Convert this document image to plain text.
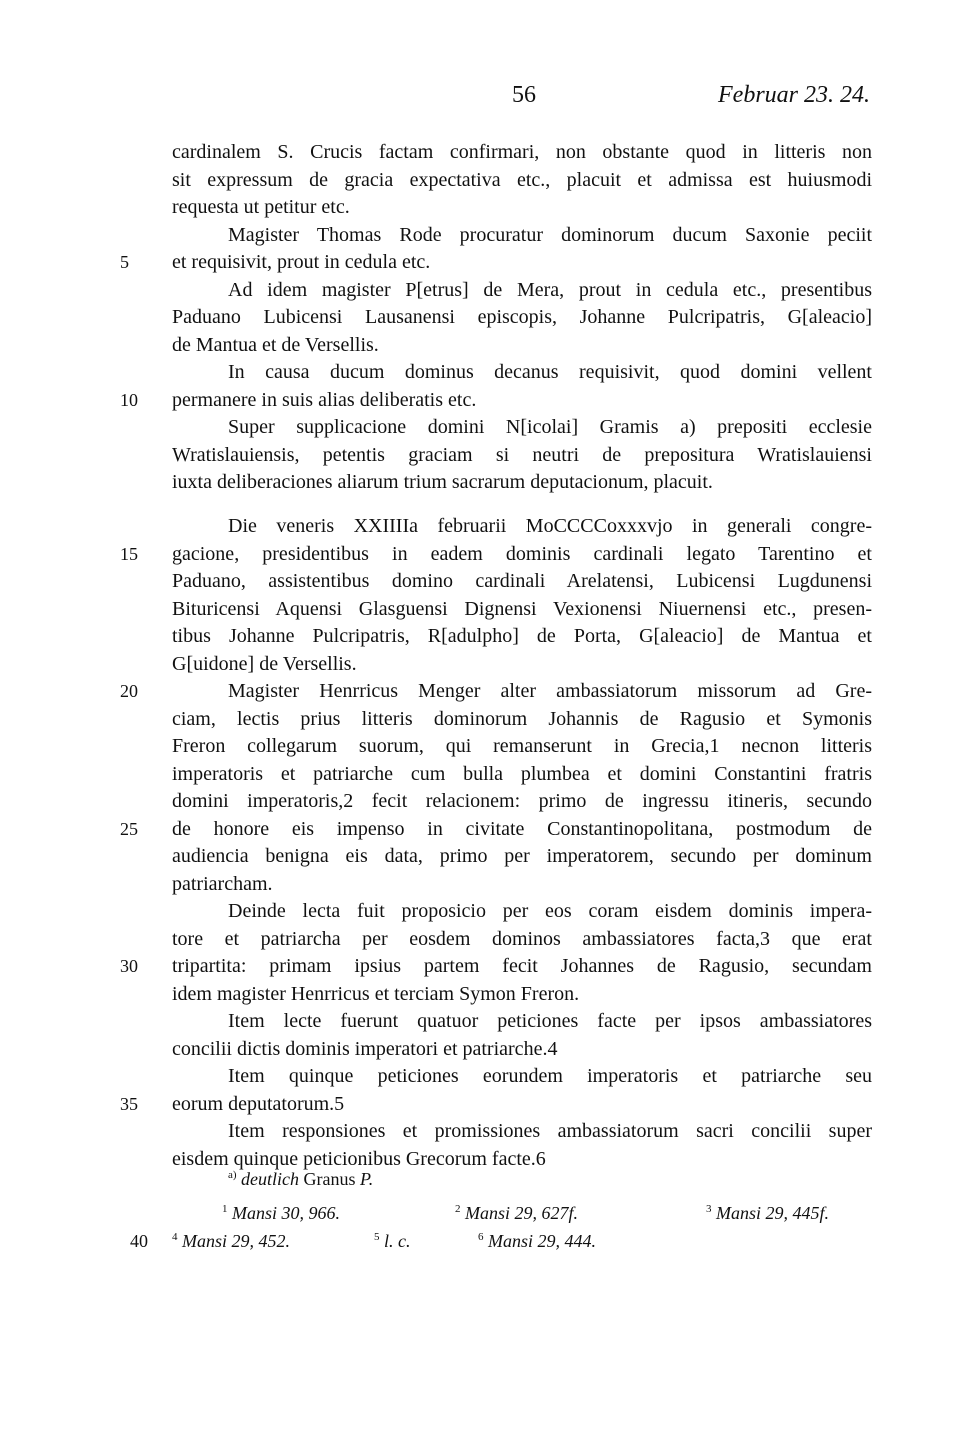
56	Februar 23. 24.
cardinalem S. Crucis factam confirmari, non obstante quod in litteris non
sit expressum de gracia expectativa etc., placuit et admissa est huiusmodi
requesta ut petitur etc.
Magister Thomas Rode procuratur dominorum ducum Saxonie peciit
5	et requisivit, prout in cedula etc.
Ad idem magister P[etrus] de Mera, prout in cedula etc., presentibus
Paduano Lubicensi Lausanensi episcopis, Johanne Pulcripatris, G[aleacio]
de Mantua et de Versellis.
In causa ducum dominus decanus requisivit, quod domini vellent
10	permanere in suis alias deliberatis etc.
Super supplicacione domini N[icolai] Gramis a) prepositi ecclesie
Wratislauiensis, petentis graciam si neutri de prepositura Wratislauiensi
iuxta deliberaciones aliarum trium sacrarum deputacionum, placuit.
Die veneris XXIIIIa februarii MoCCCCoxxxvjo in generali congre-
15	gacione, presidentibus in eadem dominis cardinali legato Tarentino et
Paduano, assistentibus domino cardinali Arelatensi, Lubicensi Lugdunensi
Bituricensi Aquensi Glasguensi Dignensi Vexionensi Niuernensi etc., presen-
tibus Johanne Pulcripatris, R[adulpho] de Porta, G[aleacio] de Mantua et
G[uidone] de Versellis.
20	Magister Henrricus Menger alter ambassiatorum missorum ad Gre-
ciam, lectis prius litteris dominorum Johannis de Ragusio et Symonis
Freron collegarum suorum, qui remanserunt in Grecia,1 necnon litteris
imperatoris et patriarche cum bulla plumbea et domini Constantini fratris
domini imperatoris,2 fecit relacionem: primo de ingressu itineris, secundo
25	de honore eis impenso in civitate Constantinopolitana, postmodum de
audiencia benigna eis data, primo per imperatorem, secundo per dominum
patriarcham.
Deinde lecta fuit proposicio per eos coram eisdem dominis impera-
tore et patriarcha per eosdem dominos ambassiatores facta,3 que erat
30	tripartita: primam ipsius partem fecit Johannes de Ragusio, secundam
idem magister Henrricus et terciam Symon Freron.
Item lecte fuerunt quatuor peticiones facte per ipsos ambassiatores
concilii dictis dominis imperatori et patriarche.4
Item quinque peticiones eorundem imperatoris et patriarche seu
35	eorum deputatorum.5
Item responsiones et promissiones ambassiatorum sacri concilii super
eisdem quinque peticionibus Grecorum facte.6
$^{a)}$ deutlich Granus P.
$^1$ Mansi 30, 966.	$^2$ Mansi 29, 627f.	$^3$ Mansi 29, 445f.
40 $^4$ Mansi 29, 452.	$^5$ l. c.	$^6$ Mansi 29, 444.
